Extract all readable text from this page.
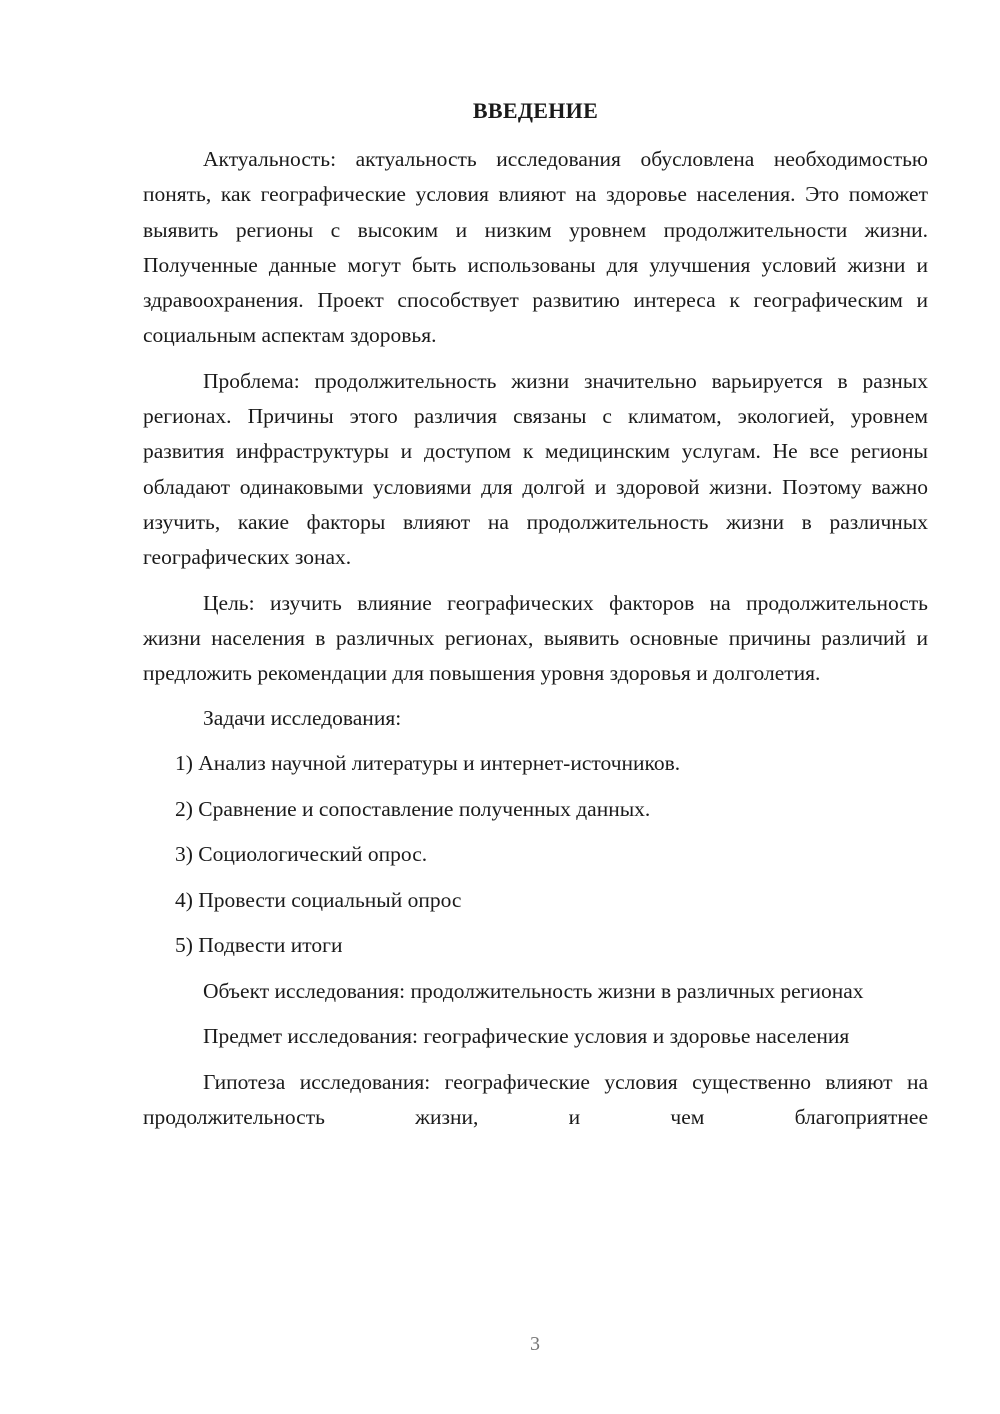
ВВЕДЕНИЕ

Актуальность: актуальность исследования обусловлена необходимостью понять, как географические условия влияют на здоровье населения. Это поможет выявить регионы с высоким и низким уровнем продолжительности жизни. Полученные данные могут быть использованы для улучшения условий жизни и здравоохранения. Проект способствует развитию интереса к географическим и социальным аспектам здоровья.

Проблема: продолжительность жизни значительно варьируется в разных регионах. Причины этого различия связаны с климатом, экологией, уровнем развития инфраструктуры и доступом к медицинским услугам. Не все регионы обладают одинаковыми условиями для долгой и здоровой жизни. Поэтому важно изучить, какие факторы влияют на продолжительность жизни в различных географических зонах.

Цель: изучить влияние географических факторов на продолжительность жизни населения в различных регионах, выявить основные причины различий и предложить рекомендации для повышения уровня здоровья и долголетия.

Задачи исследования:
1) Анализ научной литературы и интернет-источников.
2) Сравнение и сопоставление полученных данных.
3) Социологический опрос.
4) Провести социальный опрос
5) Подвести итоги

Объект исследования: продолжительность жизни в различных регионах

Предмет исследования: географические условия и здоровье населения

Гипотеза исследования: географические условия существенно влияют на продолжительность жизни, и чем благоприятнее

3
